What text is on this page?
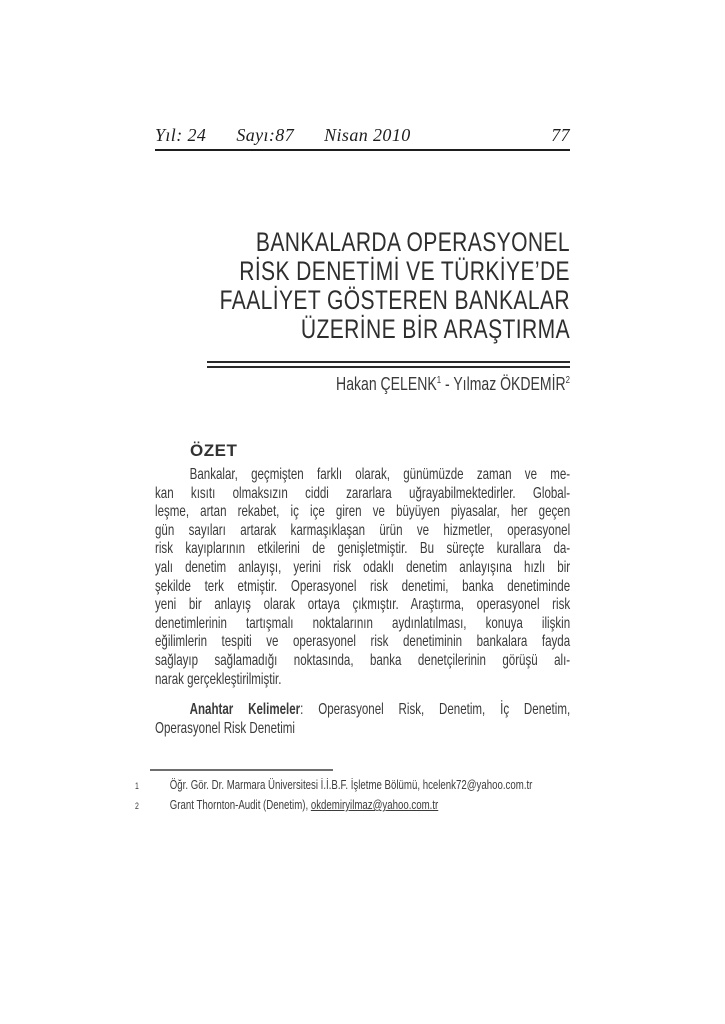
Yıl: 24 Sayı:87 Nisan 2010	77
BANKALARDA OPERASYONEL
RİSK DENETİMİ VE TÜRKİYE’DE
FAALİYET GÖSTEREN BANKALAR
ÜZERİNE BİR ARAŞTIRMA
Hakan ÇELENK$^1$ - Yılmaz ÖKDEMİR$^2$
ÖZET
Bankalar, geçmişten farklı olarak, günümüzde zaman ve me-
kan kısıtı olmaksızın ciddi zararlara uğrayabilmektedirler. Global-
leşme, artan rekabet, iç içe giren ve büyüyen piyasalar, her geçen
gün sayıları artarak karmaşıklaşan ürün ve hizmetler, operasyonel
risk kayıplarının etkilerini de genişletmiştir. Bu süreçte kurallara da-
yalı denetim anlayışı, yerini risk odaklı denetim anlayışına hızlı bir
şekilde terk etmiştir. Operasyonel risk denetimi, banka denetiminde
yeni bir anlayış olarak ortaya çıkmıştır. Araştırma, operasyonel risk
denetimlerinin tartışmalı noktalarının aydınlatılması, konuya ilişkin
eğilimlerin tespiti ve operasyonel risk denetiminin bankalara fayda
sağlayıp sağlamadığı noktasında, banka denetçilerinin görüşü alı-
narak gerçekleştirilmiştir.
Anahtar Kelimeler: Operasyonel Risk, Denetim, İç Denetim,
Operasyonel Risk Denetimi
1	Öğr. Gör. Dr. Marmara Üniversitesi İ.İ.B.F. İşletme Bölümü, hcelenk72@yahoo.com.tr
2	Grant Thornton-Audit (Denetim), okdemiryilmaz@yahoo.com.tr
